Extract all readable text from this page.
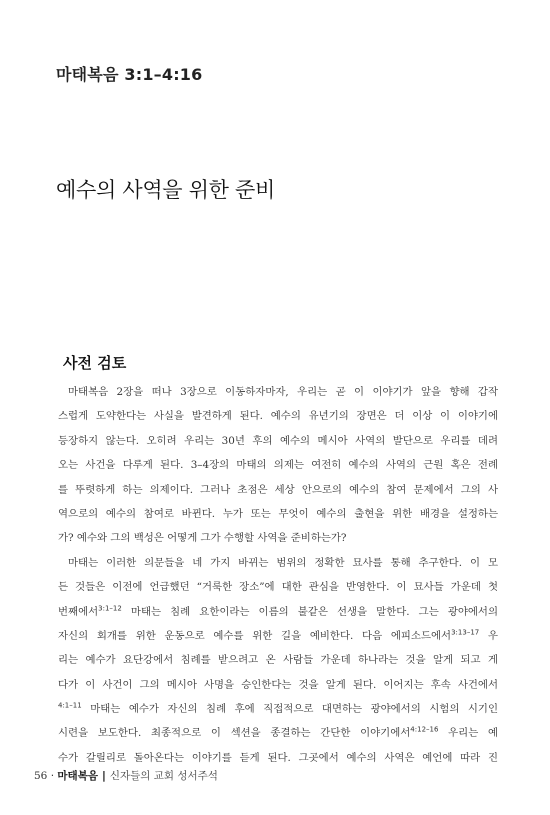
마태복음 3:1–4:16
예수의 사역을 위한 준비
사전 검토
마태복음 2장을 떠나 3장으로 이동하자마자, 우리는 곧 이 이야기가 앞을 향해 갑작
스럽게 도약한다는 사실을 발견하게 된다. 예수의 유년기의 장면은 더 이상 이 이야기에
등장하지 않는다. 오히려 우리는 30년 후의 예수의 메시아 사역의 발단으로 우리를 데려
오는 사건을 다루게 된다. 3–4장의 마태의 의제는 여전히 예수의 사역의 근원 혹은 전례
를 뚜렷하게 하는 의제이다. 그러나 초점은 세상 안으로의 예수의 참여 문제에서 그의 사
역으로의 예수의 참여로 바뀐다. 누가 또는 무엇이 예수의 출현을 위한 배경을 설정하는
가? 예수와 그의 백성은 어떻게 그가 수행할 사역을 준비하는가?
마태는 이러한 의문들을 네 가지 바뀌는 범위의 정확한 묘사를 통해 추구한다. 이 모
든 것들은 이전에 언급했던 “거룩한 장소”에 대한 관심을 반영한다. 이 묘사들 가운데 첫
번째에서$^{3:1-12}$ 마태는 침례 요한이라는 이름의 불같은 선생을 말한다. 그는 광야에서의
자신의 회개를 위한 운동으로 예수를 위한 길을 예비한다. 다음 에피소드에서$^{3:13-17}$ 우
리는 예수가 요단강에서 침례를 받으려고 온 사람들 가운데 하나라는 것을 알게 되고 게
다가 이 사건이 그의 메시아 사명을 승인한다는 것을 알게 된다. 이어지는 후속 사건에서
$^{4:1-11}$ 마태는 예수가 자신의 침례 후에 직접적으로 대면하는 광야에서의 시험의 시기인
시련을 보도한다. 최종적으로 이 섹션을 종결하는 간단한 이야기에서$^{4:12-16}$ 우리는 예
수가 갈릴리로 돌아온다는 이야기를 듣게 된다. 그곳에서 예수의 사역은 예언에 따라 진
56 · 마태복음 | 신자들의 교회 성서주석
